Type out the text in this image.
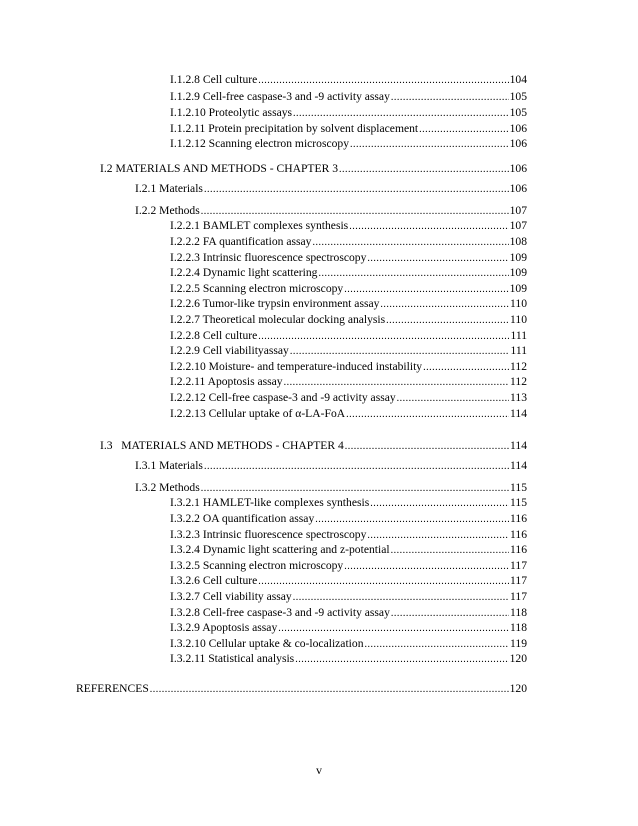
I.1.2.8 Cell culture .....	104
I.1.2.9 Cell-free caspase-3 and -9 activity assay .....	105
I.1.2.10 Proteolytic assays .....	105
I.1.2.11 Protein precipitation by solvent displacement .....	106
I.1.2.12 Scanning electron microscopy .....	106
I.2 MATERIALS AND METHODS - CHAPTER 3 .....	106
I.2.1 Materials .....	106
I.2.2 Methods .....	107
I.2.2.1 BAMLET complexes synthesis .....	107
I.2.2.2 FA quantification assay .....	108
I.2.2.3 Intrinsic fluorescence spectroscopy .....	109
I.2.2.4 Dynamic light scattering .....	109
I.2.2.5 Scanning electron microscopy .....	109
I.2.2.6 Tumor-like trypsin environment assay .....	110
I.2.2.7 Theoretical molecular docking analysis .....	110
I.2.2.8 Cell culture .....	111
I.2.2.9 Cell viabilityassay .....	111
I.2.2.10 Moisture- and temperature-induced instability .....	112
I.2.2.11 Apoptosis assay .....	112
I.2.2.12 Cell-free caspase-3 and -9 activity assay .....	113
I.2.2.13 Cellular uptake of α-LA-FoA .....	114
I.3   MATERIALS AND METHODS - CHAPTER 4 .....	114
I.3.1 Materials .....	114
I.3.2 Methods .....	115
I.3.2.1 HAMLET-like complexes synthesis .....	115
I.3.2.2 OA quantification assay .....	116
I.3.2.3 Intrinsic fluorescence spectroscopy .....	116
I.3.2.4 Dynamic light scattering and z-potential .....	116
I.3.2.5 Scanning electron microscopy .....	117
I.3.2.6 Cell culture .....	117
I.3.2.7 Cell viability assay .....	117
I.3.2.8 Cell-free caspase-3 and -9 activity assay .....	118
I.3.2.9 Apoptosis assay .....	118
I.3.2.10 Cellular uptake & co-localization .....	119
I.3.2.11 Statistical analysis .....	120
REFERENCES .....	120
v
